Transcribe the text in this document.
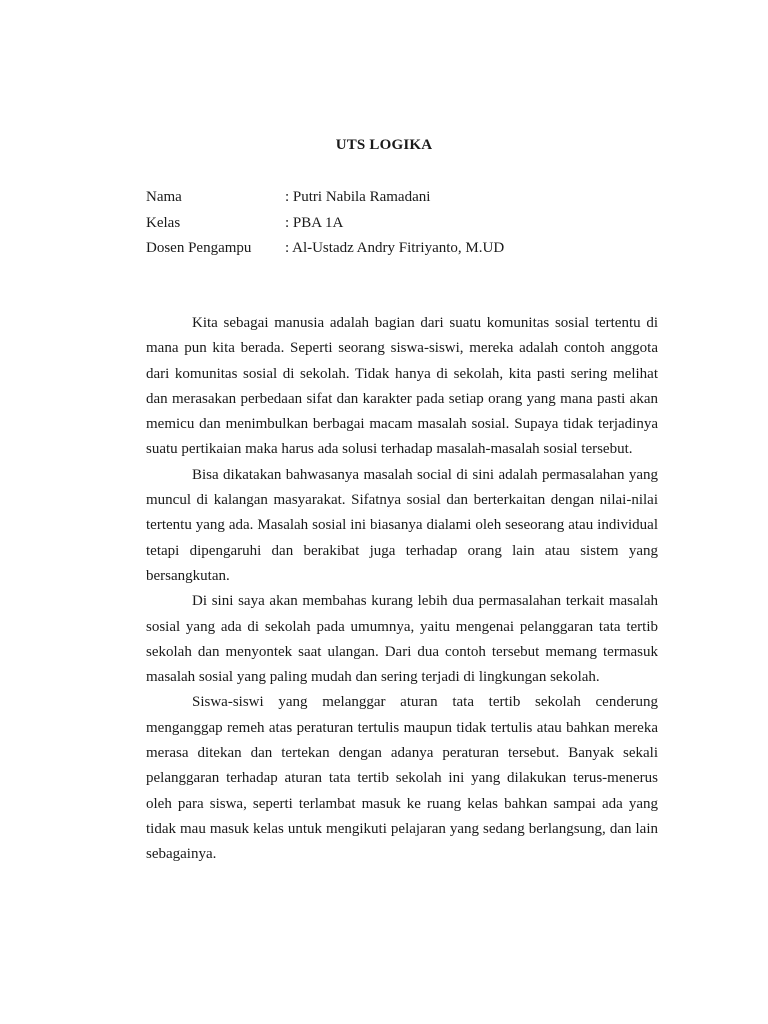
UTS LOGIKA
Nama	: Putri Nabila Ramadani
Kelas	: PBA 1A
Dosen Pengampu : Al-Ustadz Andry Fitriyanto, M.UD

Kita sebagai manusia adalah bagian dari suatu komunitas sosial tertentu di mana pun kita berada. Seperti seorang siswa-siswi, mereka adalah contoh anggota dari komunitas sosial di sekolah. Tidak hanya di sekolah, kita pasti sering melihat dan merasakan perbedaan sifat dan karakter pada setiap orang yang mana pasti akan memicu dan menimbulkan berbagai macam masalah sosial. Supaya tidak terjadinya suatu pertikaian maka harus ada solusi terhadap masalah-masalah sosial tersebut.

Bisa dikatakan bahwasanya masalah social di sini adalah permasalahan yang muncul di kalangan masyarakat. Sifatnya sosial dan berterkaitan dengan nilai-nilai tertentu yang ada. Masalah sosial ini biasanya dialami oleh seseorang atau individual tetapi dipengaruhi dan berakibat juga terhadap orang lain atau sistem yang bersangkutan.

Di sini saya akan membahas kurang lebih dua permasalahan terkait masalah sosial yang ada di sekolah pada umumnya, yaitu mengenai pelanggaran tata tertib sekolah dan menyontek saat ulangan. Dari dua contoh tersebut memang termasuk masalah sosial yang paling mudah dan sering terjadi di lingkungan sekolah.

Siswa-siswi yang melanggar aturan tata tertib sekolah cenderung menganggap remeh atas peraturan tertulis maupun tidak tertulis atau bahkan mereka merasa ditekan dan tertekan dengan adanya peraturan tersebut. Banyak sekali pelanggaran terhadap aturan tata tertib sekolah ini yang dilakukan terus-menerus oleh para siswa, seperti terlambat masuk ke ruang kelas bahkan sampai ada yang tidak mau masuk kelas untuk mengikuti pelajaran yang sedang berlangsung, dan lain sebagainya.
